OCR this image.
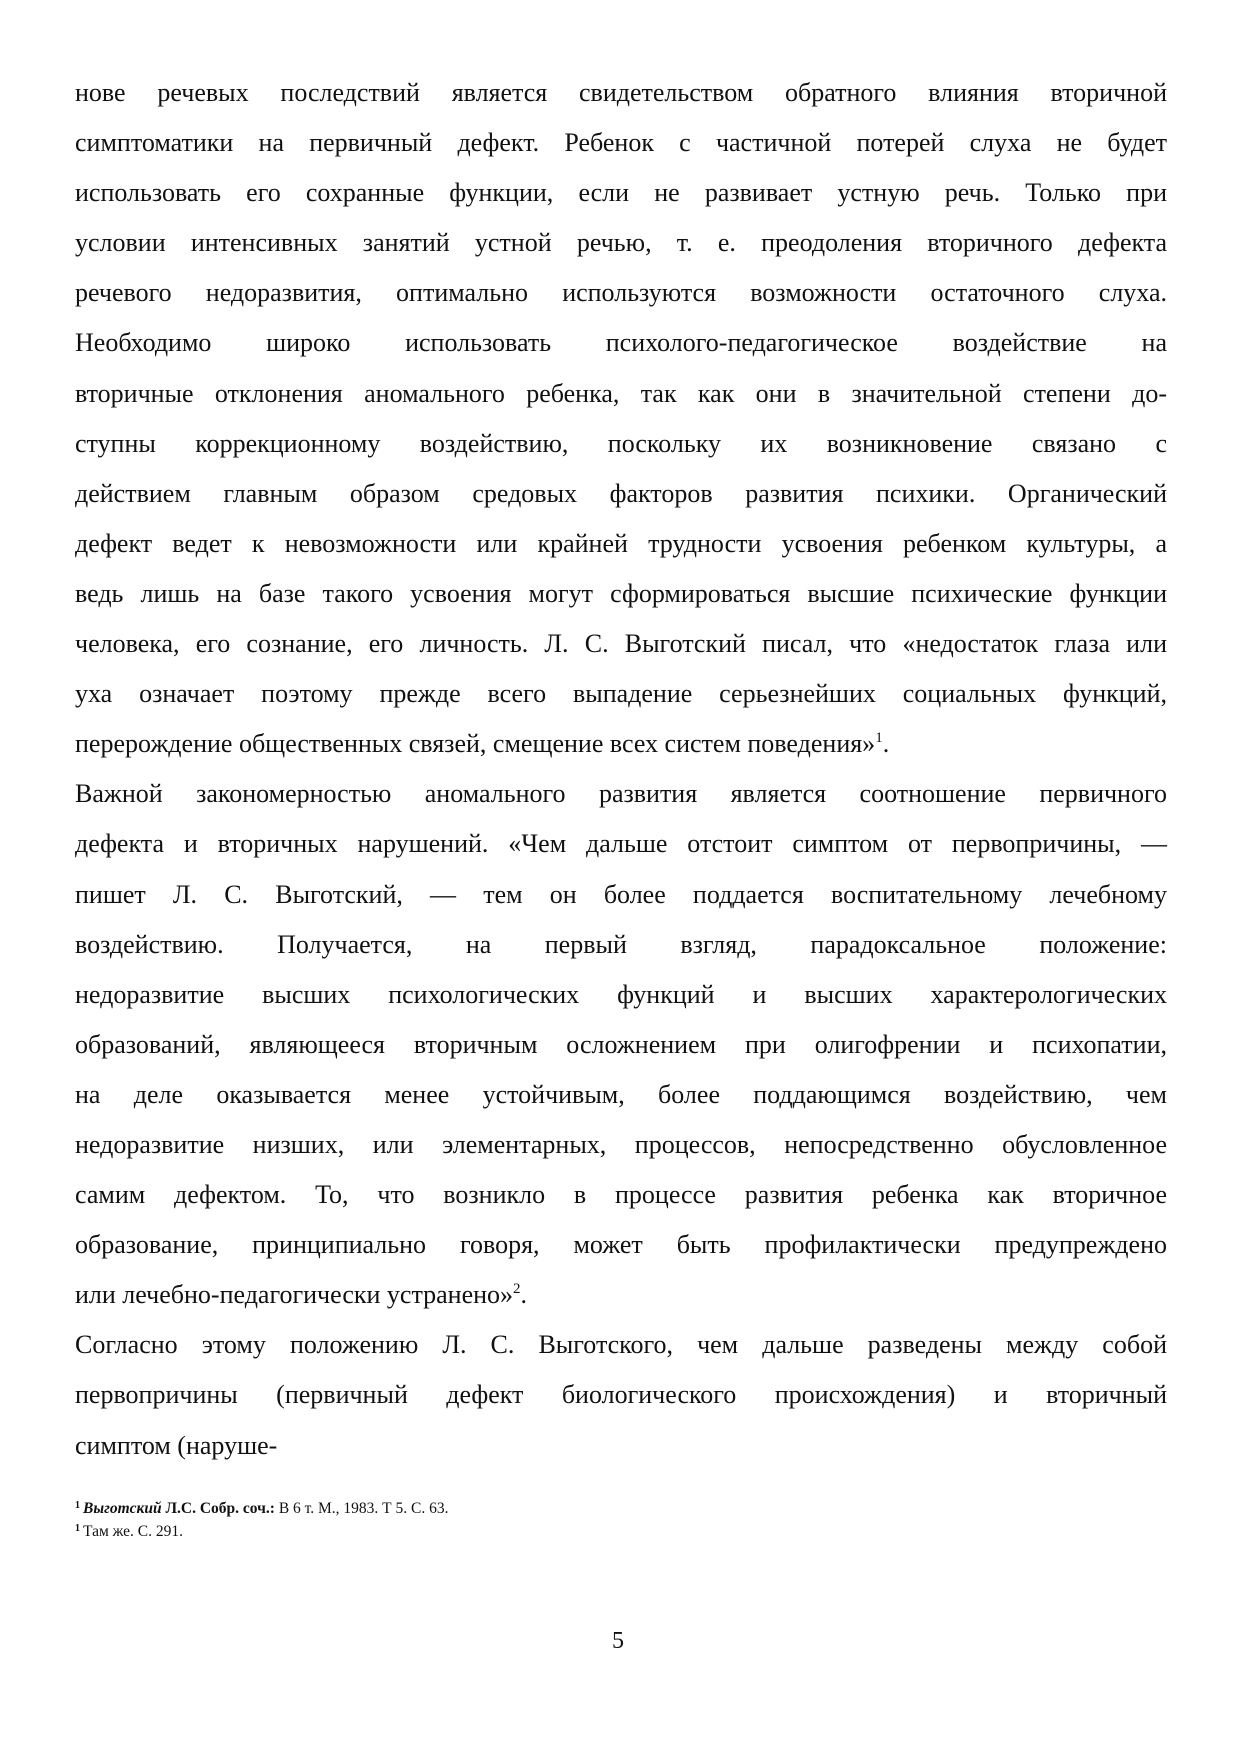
нове речевых последствий является свидетельством обратного влияния вторичной
симптоматики на первичный дефект. Ребенок с частичной потерей слуха не будет
использовать его сохранные функции, если не развивает устную речь. Только при
условии интенсивных занятий устной речью, т. е. преодоления вторичного дефекта
речевого недоразвития, оптимально используются возможности остаточного слуха.
Необходимо широко использовать психолого-педагогическое воздействие на
вторичные отклонения аномального ребенка, так как они в значительной степени до-
ступны коррекционному воздействию, поскольку их возникновение связано с
действием главным образом средовых факторов развития психики. Органический
дефект ведет к невозможности или крайней трудности усвоения ребенком культуры, а
ведь лишь на базе такого усвоения могут сформироваться высшие психические функции
человека, его сознание, его личность. Л. С. Выготский писал, что «недостаток глаза или
уха означает поэтому прежде всего выпадение серьезнейших социальных функций,
перерождение общественных связей, смещение всех систем поведения»$^1$.
Важной закономерностью аномального развития является соотношение первичного
дефекта и вторичных нарушений. «Чем дальше отстоит симптом от первопричины, —
пишет Л. С. Выготский, — тем он более поддается воспитательному лечебному
воздействию. Получается, на первый взгляд, парадоксальное положение:
недоразвитие высших психологических функций и высших характерологических
образований, являющееся вторичным осложнением при олигофрении и психопатии,
на деле оказывается менее устойчивым, более поддающимся воздействию, чем
недоразвитие низших, или элементарных, процессов, непосредственно обусловленное
самим дефектом. То, что возникло в процессе развития ребенка как вторичное
образование, принципиально говоря, может быть профилактически предупреждено
или лечебно-педагогически устранено»$^2$.
Согласно этому положению Л. С. Выготского, чем дальше разведены между собой
первопричины (первичный дефект биологического происхождения) и вторичный
симптом (наруше-
$^1$ Выготский Л.С. Собр. соч.: В 6 т. М., 1983. Т 5. С. 63.
$^1$ Там же. С. 291.
5
